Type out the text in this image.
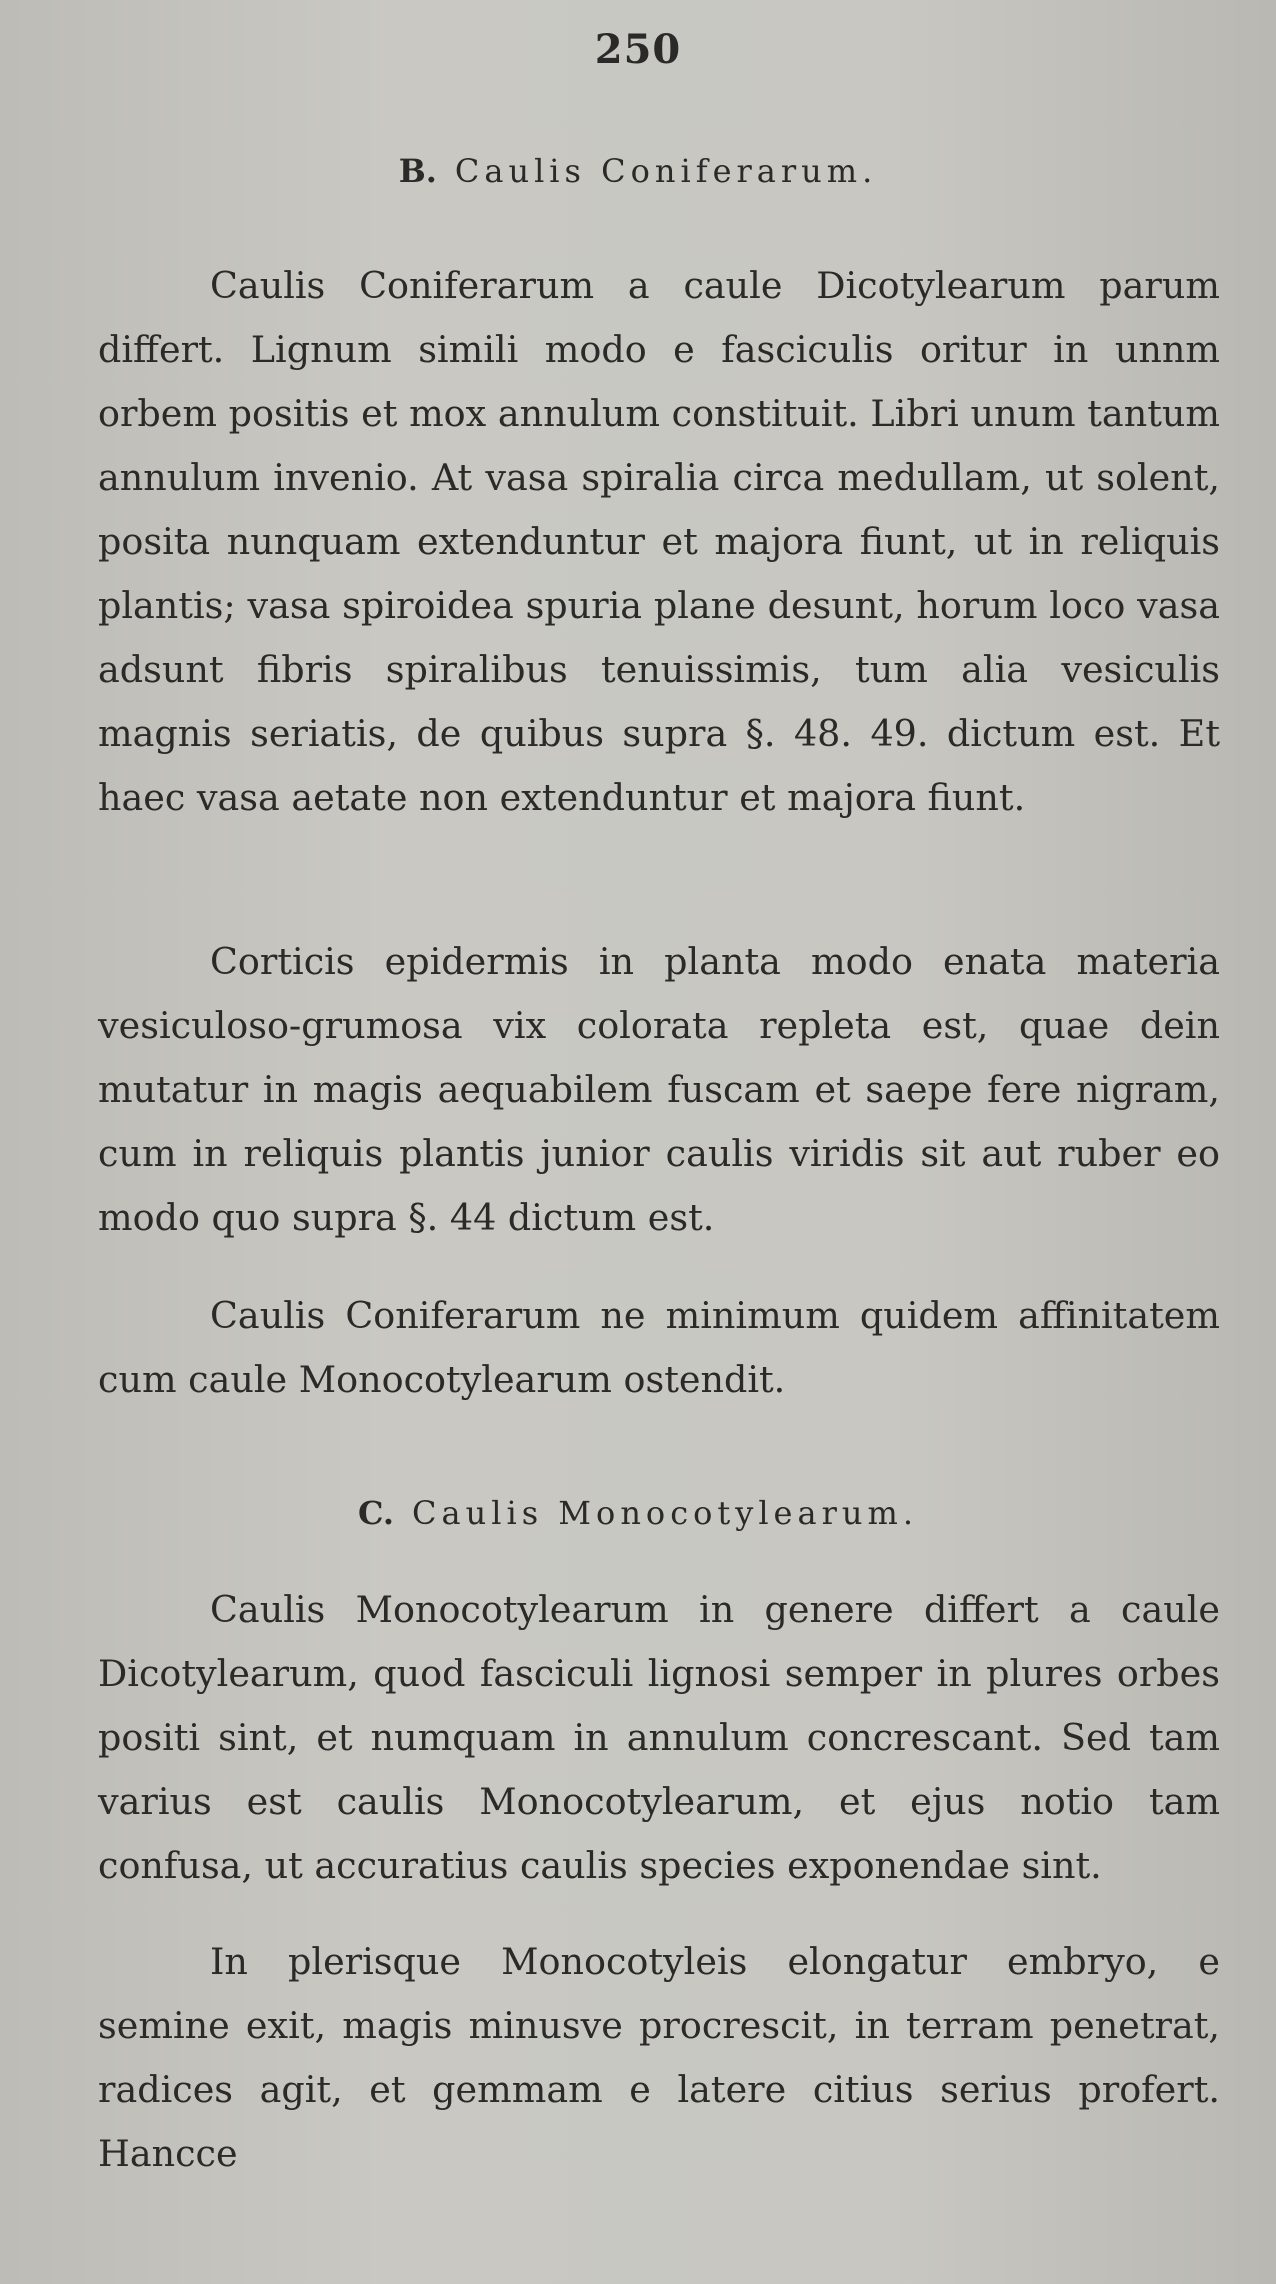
250
B. Caulis Coniferarum.

Caulis Coniferarum a caule Dicotylearum parum differt. Lignum simili modo e fasciculis oritur in unnm orbem positis et mox annulum constituit. Libri unum tantum annulum invenio. At vasa spiralia circa medullam, ut solent, posita nunquam extenduntur et majora fiunt, ut in reliquis plantis; vasa spiroidea spuria plane desunt, horum loco vasa adsunt fibris spiralibus tenuissimis, tum alia vesiculis magnis seriatis, de quibus supra §. 48. 49. dictum est. Et haec vasa aetate non extenduntur et majora fiunt.

Corticis epidermis in planta modo enata materia vesiculoso-grumosa vix colorata repleta est, quae dein mutatur in magis aequabilem fuscam et saepe fere nigram, cum in reliquis plantis junior caulis viridis sit aut ruber eo modo quo supra §. 44 dictum est.

Caulis Coniferarum ne minimum quidem affinitatem cum caule Monocotylearum ostendit.

C. Caulis Monocotylearum.

Caulis Monocotylearum in genere differt a caule Dicotylearum, quod fasciculi lignosi semper in plures orbes positi sint, et numquam in annulum concrescant. Sed tam varius est caulis Monocotylearum, et ejus notio tam confusa, ut accuratius caulis species exponendae sint.

In plerisque Monocotyleis elongatur embryo, e semine exit, magis minusve procrescit, in terram penetrat, radices agit, et gemmam e latere citius serius profert. Hancce
